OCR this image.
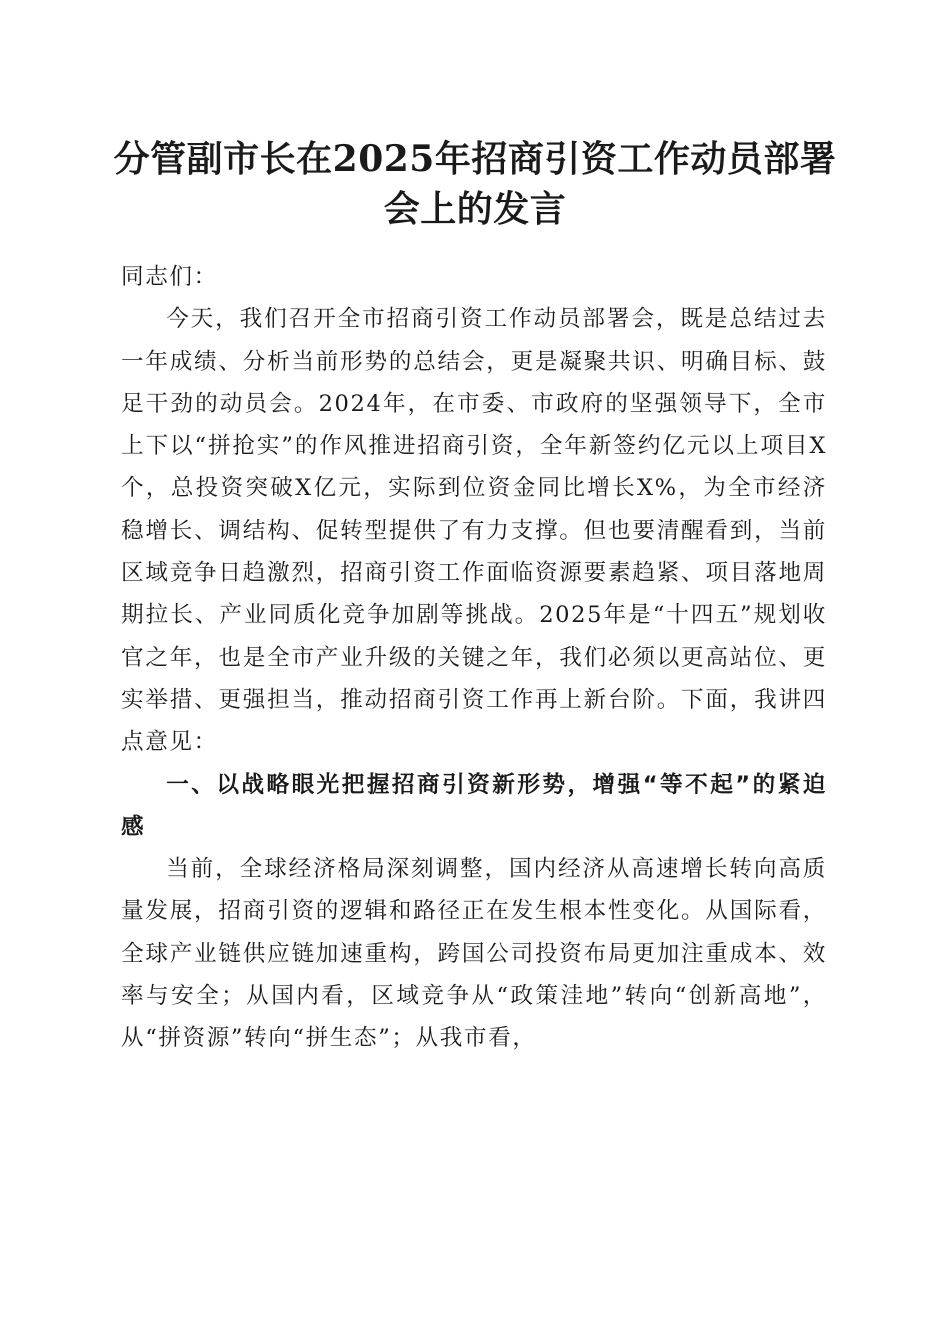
分管副市长在2025年招商引资工作动员部署
会上的发言

同志们：

今天，我们召开全市招商引资工作动员部署会，既是总结过去一年成绩、分析当前形势的总结会，更是凝聚共识、明确目标、鼓足干劲的动员会。2024年，在市委、市政府的坚强领导下，全市上下以“拼抢实”的作风推进招商引资，全年新签约亿元以上项目X个，总投资突破X亿元，实际到位资金同比增长X%，为全市经济稳增长、调结构、促转型提供了有力支撑。但也要清醒看到，当前区域竞争日趋激烈，招商引资工作面临资源要素趋紧、项目落地周期拉长、产业同质化竞争加剧等挑战。2025年是“十四五”规划收官之年，也是全市产业升级的关键之年，我们必须以更高站位、更实举措、更强担当，推动招商引资工作再上新台阶。下面，我讲四点意见：

一、以战略眼光把握招商引资新形势，增强“等不起”的紧迫感

当前，全球经济格局深刻调整，国内经济从高速增长转向高质量发展，招商引资的逻辑和路径正在发生根本性变化。从国际看，全球产业链供应链加速重构，跨国公司投资布局更加注重成本、效率与安全；从国内看，区域竞争从“政策洼地”转向“创新高地”，从“拼资源”转向“拼生态”；从我市看，
